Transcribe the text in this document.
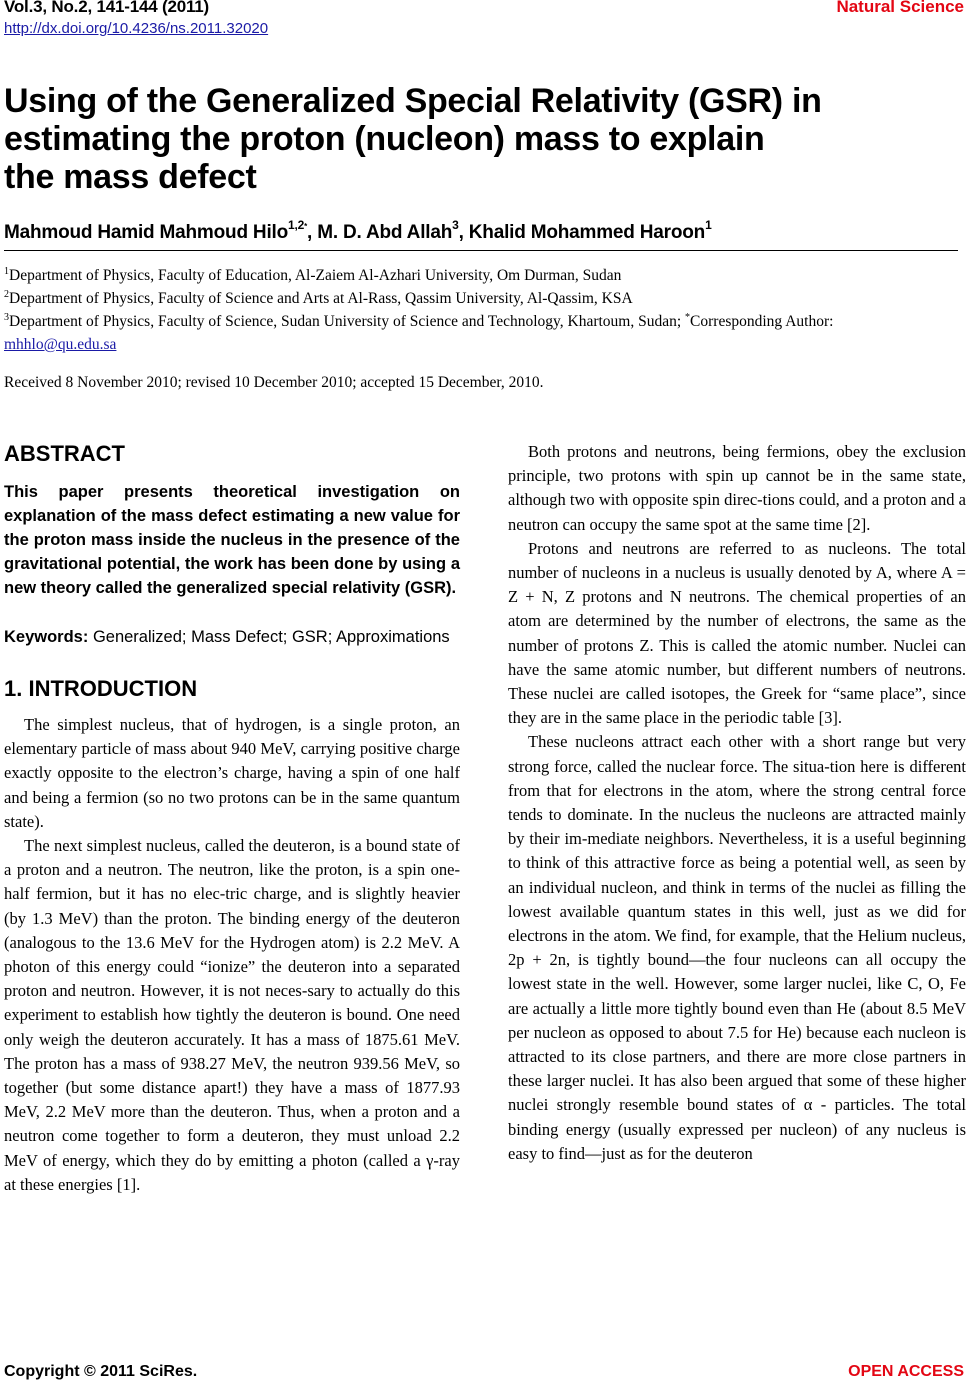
Vol.3, No.2, 141-144 (2011)	Natural Science
http://dx.doi.org/10.4236/ns.2011.32020
Using of the Generalized Special Relativity (GSR) in
estimating the proton (nucleon) mass to explain
the mass defect
Mahmoud Hamid Mahmoud Hilo$^{1,2*}$, M. D. Abd Allah$^3$, Khalid Mohammed Haroon$^1$
$^1$Department of Physics, Faculty of Education, Al-Zaiem Al-Azhari University, Om Durman, Sudan
$^2$Department of Physics, Faculty of Science and Arts at Al-Rass, Qassim University, Al-Qassim, KSA
$^3$Department of Physics, Faculty of Science, Sudan University of Science and Technology, Khartoum, Sudan; *Corresponding Author:
mhhlo@qu.edu.sa
Received 8 November 2010; revised 10 December 2010; accepted 15 December, 2010.
ABSTRACT

This paper presents theoretical investigation on explanation of the mass defect estimating a new value for the proton mass inside the nucleus in the presence of the gravitational potential, the work has been done by using a new theory called the generalized special relativity (GSR).

Keywords: Generalized; Mass Defect; GSR; Approximations

1. INTRODUCTION

The simplest nucleus, that of hydrogen, is a single proton, an elementary particle of mass about 940 MeV, carrying positive charge exactly opposite to the electron’s charge, having a spin of one half and being a fermion (so no two protons can be in the same quantum state).

The next simplest nucleus, called the deuteron, is a bound state of a proton and a neutron. The neutron, like the proton, is a spin one-half fermion, but it has no elec-tric charge, and is slightly heavier (by 1.3 MeV) than the proton. The binding energy of the deuteron (analogous to the 13.6 MeV for the Hydrogen atom) is 2.2 MeV. A photon of this energy could “ionize” the deuteron into a separated proton and neutron. However, it is not neces-sary to actually do this experiment to establish how tightly the deuteron is bound. One need only weigh the deuteron accurately. It has a mass of 1875.61 MeV. The proton has a mass of 938.27 MeV, the neutron 939.56 MeV, so together (but some distance apart!) they have a mass of 1877.93 MeV, 2.2 MeV more than the deuteron. Thus, when a proton and a neutron come together to form a deuteron, they must unload 2.2 MeV of energy, which they do by emitting a photon (called a γ-ray at these energies [1].

Both protons and neutrons, being fermions, obey the exclusion principle, two protons with spin up cannot be in the same state, although two with opposite spin direc-tions could, and a proton and a neutron can occupy the same spot at the same time [2].

Protons and neutrons are referred to as nucleons. The total number of nucleons in a nucleus is usually denoted by A, where A = Z + N, Z protons and N neutrons. The chemical properties of an atom are determined by the number of electrons, the same as the number of protons Z. This is called the atomic number. Nuclei can have the same atomic number, but different numbers of neutrons. These nuclei are called isotopes, the Greek for “same place”, since they are in the same place in the periodic table [3].

These nucleons attract each other with a short range but very strong force, called the nuclear force. The situa-tion here is different from that for electrons in the atom, where the strong central force tends to dominate. In the nucleus the nucleons are attracted mainly by their im-mediate neighbors. Nevertheless, it is a useful beginning to think of this attractive force as being a potential well, as seen by an individual nucleon, and think in terms of the nuclei as filling the lowest available quantum states in this well, just as we did for electrons in the atom. We find, for example, that the Helium nucleus, 2p + 2n, is tightly bound—the four nucleons can all occupy the lowest state in the well. However, some larger nuclei, like C, O, Fe are actually a little more tightly bound even than He (about 8.5 MeV per nucleon as opposed to about 7.5 for He) because each nucleon is attracted to its close partners, and there are more close partners in these larger nuclei. It has also been argued that some of these higher nuclei strongly resemble bound states of α - particles. The total binding energy (usually expressed per nucleon) of any nucleus is easy to find—just as for the deuteron

Copyright © 2011 SciRes.	OPEN ACCESS
